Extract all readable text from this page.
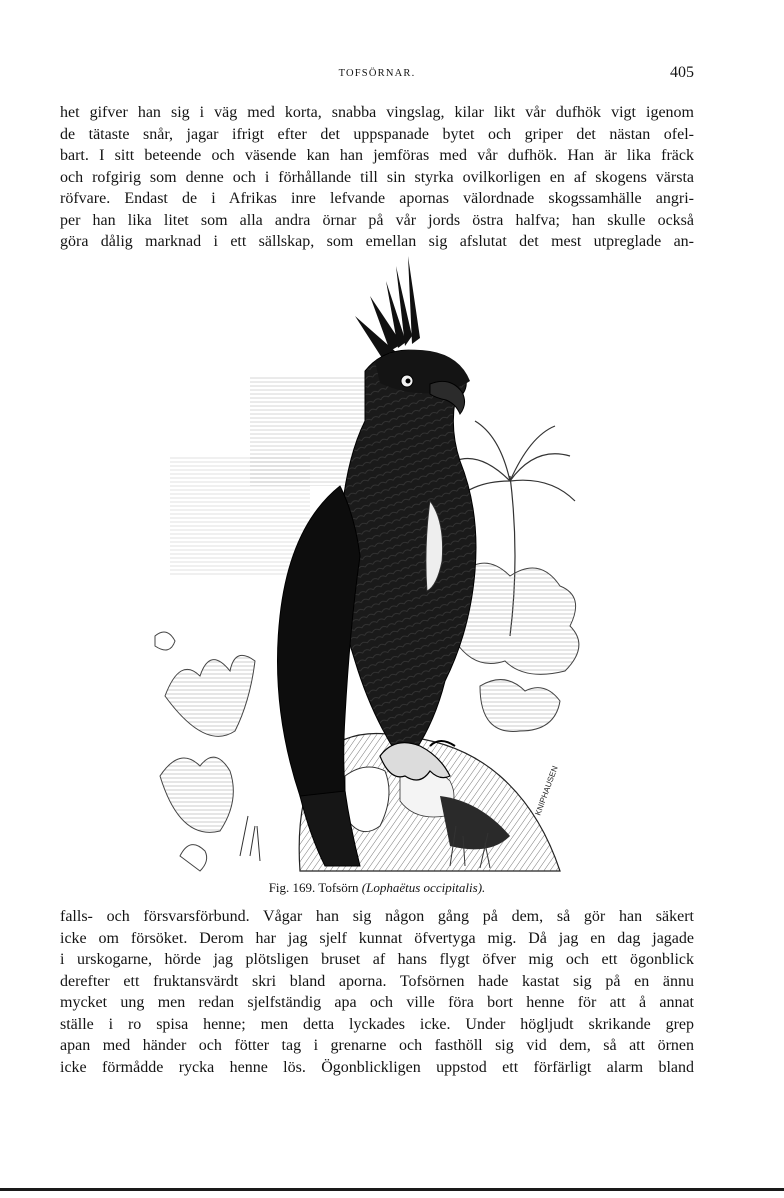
TOFSÖRNAR.	405

het gifver han sig i väg med korta, snabba vingslag, kilar likt vår dufhök vigt igenom
de tätaste snår, jagar ifrigt efter det uppspanade bytet och griper det nästan ofel-
bart. I sitt beteende och väsende kan han jemföras med vår dufhök. Han är lika fräck
och rofgirig som denne och i förhållande till sin styrka ovilkorligen en af skogens värsta
röfvare. Endast de i Afrikas inre lefvande apornas välordnade skogssamhälle angri-
per han lika litet som alla andra örnar på vår jords östra halfva; han skulle också
göra dålig marknad i ett sällskap, som emellan sig afslutat det mest utpreglade an-

KNIPHAUSEN
Fig. 169. Tofsörn (Lophaëtus occipitalis).

falls- och försvarsförbund. Vågar han sig någon gång på dem, så gör han säkert
icke om försöket. Derom har jag sjelf kunnat öfvertyga mig. Då jag en dag jagade
i urskogarne, hörde jag plötsligen bruset af hans flygt öfver mig och ett ögonblick
derefter ett fruktansvärdt skri bland aporna. Tofsörnen hade kastat sig på en ännu
mycket ung men redan sjelfständig apa och ville föra bort henne för att å annat
ställe i ro spisa henne; men detta lyckades icke. Under högljudt skrikande grep
apan med händer och fötter tag i grenarne och fasthöll sig vid dem, så att örnen
icke förmådde rycka henne lös. Ögonblickligen uppstod ett förfärligt alarm bland
